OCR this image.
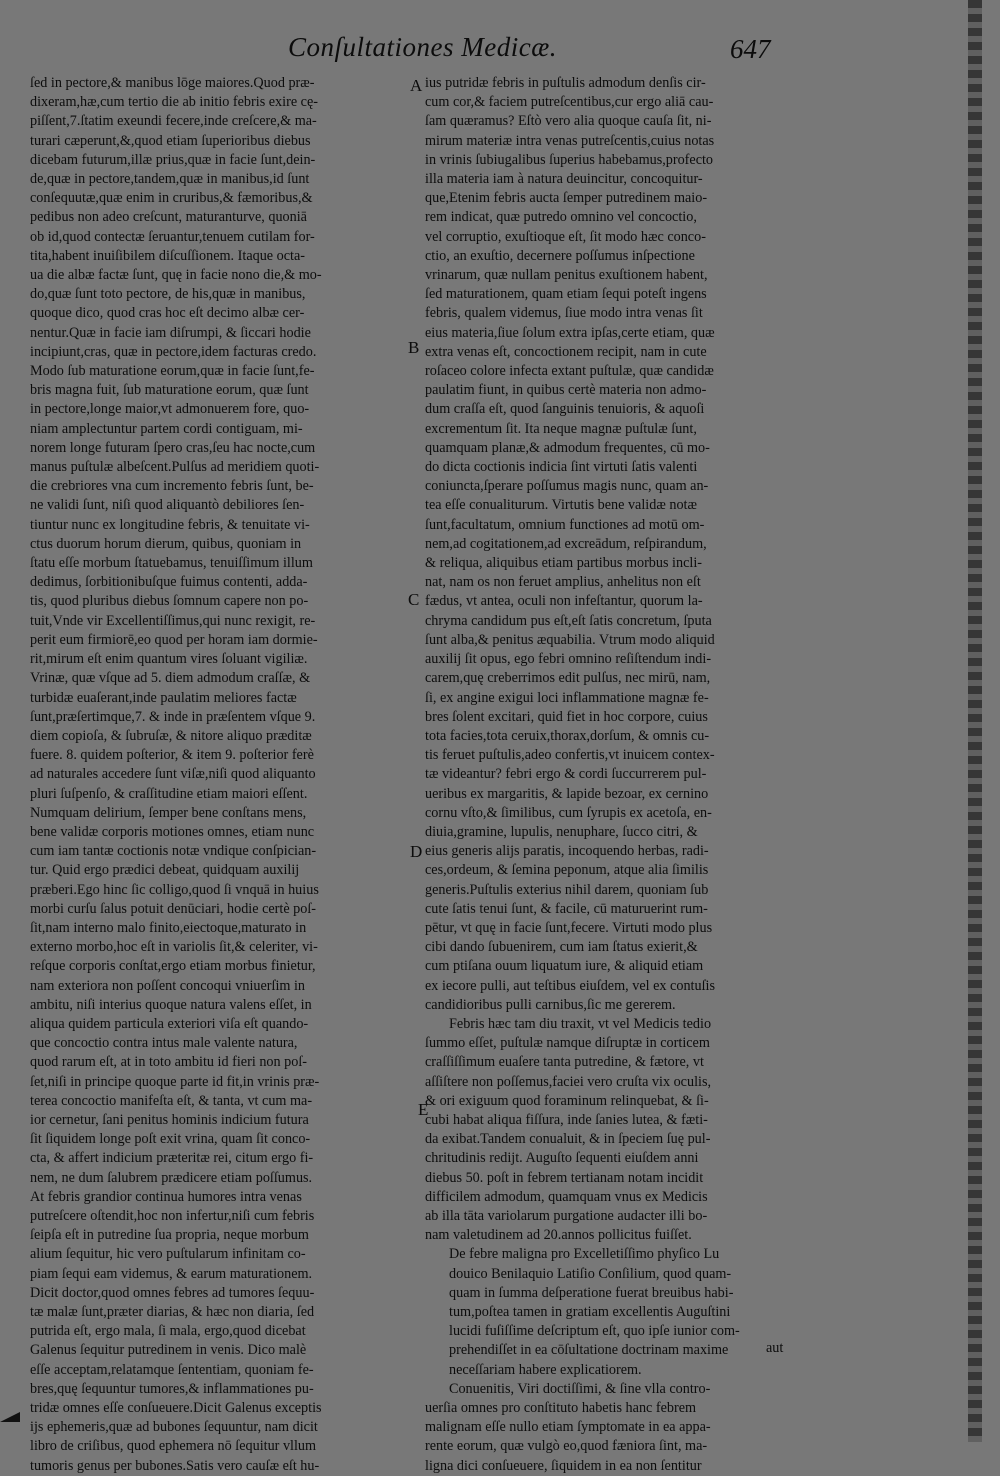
Conſultationes Medicæ.	647
ſed in pectore,& manibus lōge maiores.Quod præ-
dixeram,hæ,cum tertio die ab initio febris exire cę-
piſſent,7.ſtatim exeundi fecere,inde creſcere,& ma-
turari cæperunt,&,quod etiam ſuperioribus diebus
dicebam futurum,illæ prius,quæ in facie ſunt,dein-
de,quæ in pectore,tandem,quæ in manibus,id ſunt
conſequutæ,quæ enim in cruribus,& fæmoribus,&
pedibus non adeo creſcunt, maturanturve, quoniā
ob id,quod contectæ ſeruantur,tenuem cutilam for-
tita,habent inuiſibilem diſcuſſionem. Itaque octa-
ua die albæ factæ ſunt, quę in facie nono die,& mo-
do,quæ ſunt toto pectore, de his,quæ in manibus,
quoque dico, quod cras hoc eſt decimo albæ cer-
nentur.Quæ in facie iam diſrumpi, & ſiccari hodie
incipiunt,cras, quæ in pectore,idem facturas credo.
Modo ſub maturatione eorum,quæ in facie ſunt,fe-
bris magna fuit, ſub maturatione eorum, quæ ſunt
in pectore,longe maior,vt admonuerem fore, quo-
niam amplectuntur partem cordi contiguam, mi-
norem longe futuram ſpero cras,ſeu hac nocte,cum
manus puſtulæ albeſcent.Pulſus ad meridiem quoti-
die crebriores vna cum incremento febris ſunt, be-
ne validi ſunt, niſi quod aliquantò debiliores ſen-
tiuntur nunc ex longitudine febris, & tenuitate vi-
ctus duorum horum dierum, quibus, quoniam in
ſtatu eſſe morbum ſtatuebamus, tenuiſſimum illum
dedimus, ſorbitionibuſque fuimus contenti, adda-
tis, quod pluribus diebus ſomnum capere non po-
tuit,Vnde vir Excellentiſſimus,qui nunc rexigit, re-
perit eum firmiorē,eo quod per horam iam dormie-
rit,mirum eſt enim quantum vires ſoluant vigiliæ.
Vrinæ, quæ vſque ad 5. diem admodum craſſæ, &
turbidæ euaſerant,inde paulatim meliores factæ
ſunt,præſertimque,7. & inde in præſentem vſque 9.
diem copioſa, & ſubruſæ, & nitore aliquo præditæ
fuere. 8. quidem poſterior, & item 9. poſterior ferè
ad naturales accedere ſunt viſæ,niſi quod aliquanto
pluri ſuſpenſo, & craſſitudine etiam maiori eſſent.
Numquam delirium, ſemper bene conſtans mens,
bene validæ corporis motiones omnes, etiam nunc
cum iam tantæ coctionis notæ vndique conſpician-
tur. Quid ergo prædici debeat, quidquam auxilij
præberi.Ego hinc ſic colligo,quod ſi vnquā in huius
morbi curſu ſalus potuit denūciari, hodie certè poſ-
ſit,nam interno malo finito,eiectoque,maturato in
externo morbo,hoc eſt in variolis ſit,& celeriter, vi-
reſque corporis conſtat,ergo etiam morbus finietur,
nam exteriora non poſſent concoqui vniuerſim in
ambitu, niſi interius quoque natura valens eſſet, in
aliqua quidem particula exteriori viſa eſt quando-
que concoctio contra intus male valente natura,
quod rarum eſt, at in toto ambitu id fieri non poſ-
ſet,niſi in principe quoque parte id fit,in vrinis præ-
terea concoctio manifeſta eſt, & tanta, vt cum ma-
ior cernetur, ſani penitus hominis indicium futura
ſit ſiquidem longe poſt exit vrina, quam ſit conco-
cta, & affert indicium præteritæ rei, citum ergo fi-
nem, ne dum ſalubrem prædicere etiam poſſumus.
At febris grandior continua humores intra venas
putreſcere oſtendit,hoc non infertur,niſi cum febris
ſeipſa eſt in putredine ſua propria, neque morbum
alium ſequitur, hic vero puſtularum infinitam co-
piam ſequi eam videmus, & earum maturationem.
Dicit doctor,quod omnes febres ad tumores ſequu-
tæ malæ ſunt,præter diarias, & hæc non diaria, ſed
putrida eſt, ergo mala, ſi mala, ergo,quod dicebat
Galenus ſequitur putredinem in venis. Dico malè
eſſe acceptam,relatamque ſententiam, quoniam fe-
bres,quę ſequuntur tumores,& inflammationes pu-
tridæ omnes eſſe conſueuere.Dicit Galenus exceptis
ijs ephemeris,quæ ad bubones ſequuntur, nam dicit
libro de criſibus, quod ephemera nō ſequitur vllum
tumoris genus per bubones.Satis vero cauſæ eſt hu-
ius putridæ febris in puſtulis admodum denſis cir-
cum cor,& faciem putreſcentibus,cur ergo aliā cau-
ſam quæramus? Eſtò vero alia quoque cauſa ſit, ni-
mirum materiæ intra venas putreſcentis,cuius notas
in vrinis ſubiugalibus ſuperius habebamus,profecto
illa materia iam à natura deuincitur, concoquitur-
que,Etenim febris aucta ſemper putredinem maio-
rem indicat, quæ putredo omnino vel concoctio,
vel corruptio, exuſtioque eſt, ſit modo hæc conco-
ctio, an exuſtio, decernere poſſumus inſpectione
vrinarum, quæ nullam penitus exuſtionem habent,
ſed maturationem, quam etiam ſequi poteſt ingens
febris, qualem videmus, ſiue modo intra venas ſit
eius materia,ſiue ſolum extra ipſas,certe etiam, quæ
extra venas eſt, concoctionem recipit, nam in cute
roſaceo colore infecta extant puſtulæ, quæ candidæ
paulatim fiunt, in quibus certè materia non admo-
dum craſſa eſt, quod ſanguinis tenuioris, & aquoſi
excrementum ſit. Ita neque magnæ puſtulæ ſunt,
quamquam planæ,& admodum frequentes, cū mo-
do dicta coctionis indicia ſint virtuti ſatis valenti
coniuncta,ſperare poſſumus magis nunc, quam an-
tea eſſe conualiturum. Virtutis bene validæ notæ
ſunt,facultatum, omnium functiones ad motū om-
nem,ad cogitationem,ad excreādum, reſpirandum,
& reliqua, aliquibus etiam partibus morbus incli-
nat, nam os non feruet amplius, anhelitus non eſt
fædus, vt antea, oculi non infeſtantur, quorum la-
chryma candidum pus eſt,eſt ſatis concretum, ſputa
ſunt alba,& penitus æquabilia. Vtrum modo aliquid
auxilij ſit opus, ego febri omnino reſiſtendum indi-
carem,quę creberrimos edit pulſus, nec mirū, nam,
ſi, ex angine exigui loci inflammatione magnæ fe-
bres ſolent excitari, quid fiet in hoc corpore, cuius
tota facies,tota ceruix,thorax,dorſum, & omnis cu-
tis feruet puſtulis,adeo confertis,vt inuicem contex-
tæ videantur? febri ergo & cordi ſuccurrerem pul-
ueribus ex margaritis, & lapide bezoar, ex cernino
cornu vſto,& ſimilibus, cum ſyrupis ex acetoſa, en-
diuia,gramine, lupulis, nenuphare, ſucco citri, &
eius generis alijs paratis, incoquendo herbas, radi-
ces,ordeum, & ſemina peponum, atque alia ſimilis
generis.Puſtulis exterius nihil darem, quoniam ſub
cute ſatis tenui ſunt, & facile, cū maturuerint rum-
pētur, vt quę in facie ſunt,fecere. Virtuti modo plus
cibi dando ſubuenirem, cum iam ſtatus exierit,&
cum ptiſana ouum liquatum iure, & aliquid etiam
ex iecore pulli, aut teſtibus eiuſdem, vel ex contuſis
candidioribus pulli carnibus,ſic me gererem.
Febris hæc tam diu traxit, vt vel Medicis tedio
ſummo eſſet, puſtulæ namque diſruptæ in corticem
craſſiſſimum euaſere tanta putredine, & fætore, vt
aſſiſtere non poſſemus,faciei vero cruſta vix oculis,
& ori exiguum quod foraminum relinquebat, & ſi-
cubi habat aliqua fiſſura, inde ſanies lutea, & fæti-
da exibat.Tandem conualuit, & in ſpeciem ſuę pul-
chritudinis redijt. Auguſto ſequenti eiuſdem anni
diebus 50. poſt in febrem tertianam notam incidit
difficilem admodum, quamquam vnus ex Medicis
ab illa tāta variolarum purgatione audacter illi bo-
nam valetudinem ad 20.annos pollicitus fuiſſet.
De febre maligna pro Excelletiſſimo phyſico Lu
douico Benilaquio Latiſio Conſilium, quod quam-
quam in ſumma deſperatione fuerat breuibus habi-
tum,poſtea tamen in gratiam excellentis Auguſtini
lucidi fuſiſſime deſcriptum eſt, quo ipſe iunior com-
prehendiſſet in ea cōſultatione doctrinam maxime
neceſſariam habere explicatiorem.
Conuenitis, Viri doctiſſimi, & ſine vlla contro-
uerſia omnes pro conſtituto habetis hanc febrem
malignam eſſe nullo etiam ſymptomate in ea appa-
rente eorum, quæ vulgò eo,quod fæniora ſint, ma-
ligna dici conſueuere, ſiquidem in ea non ſentitur
A
B
C
D
E
aut
